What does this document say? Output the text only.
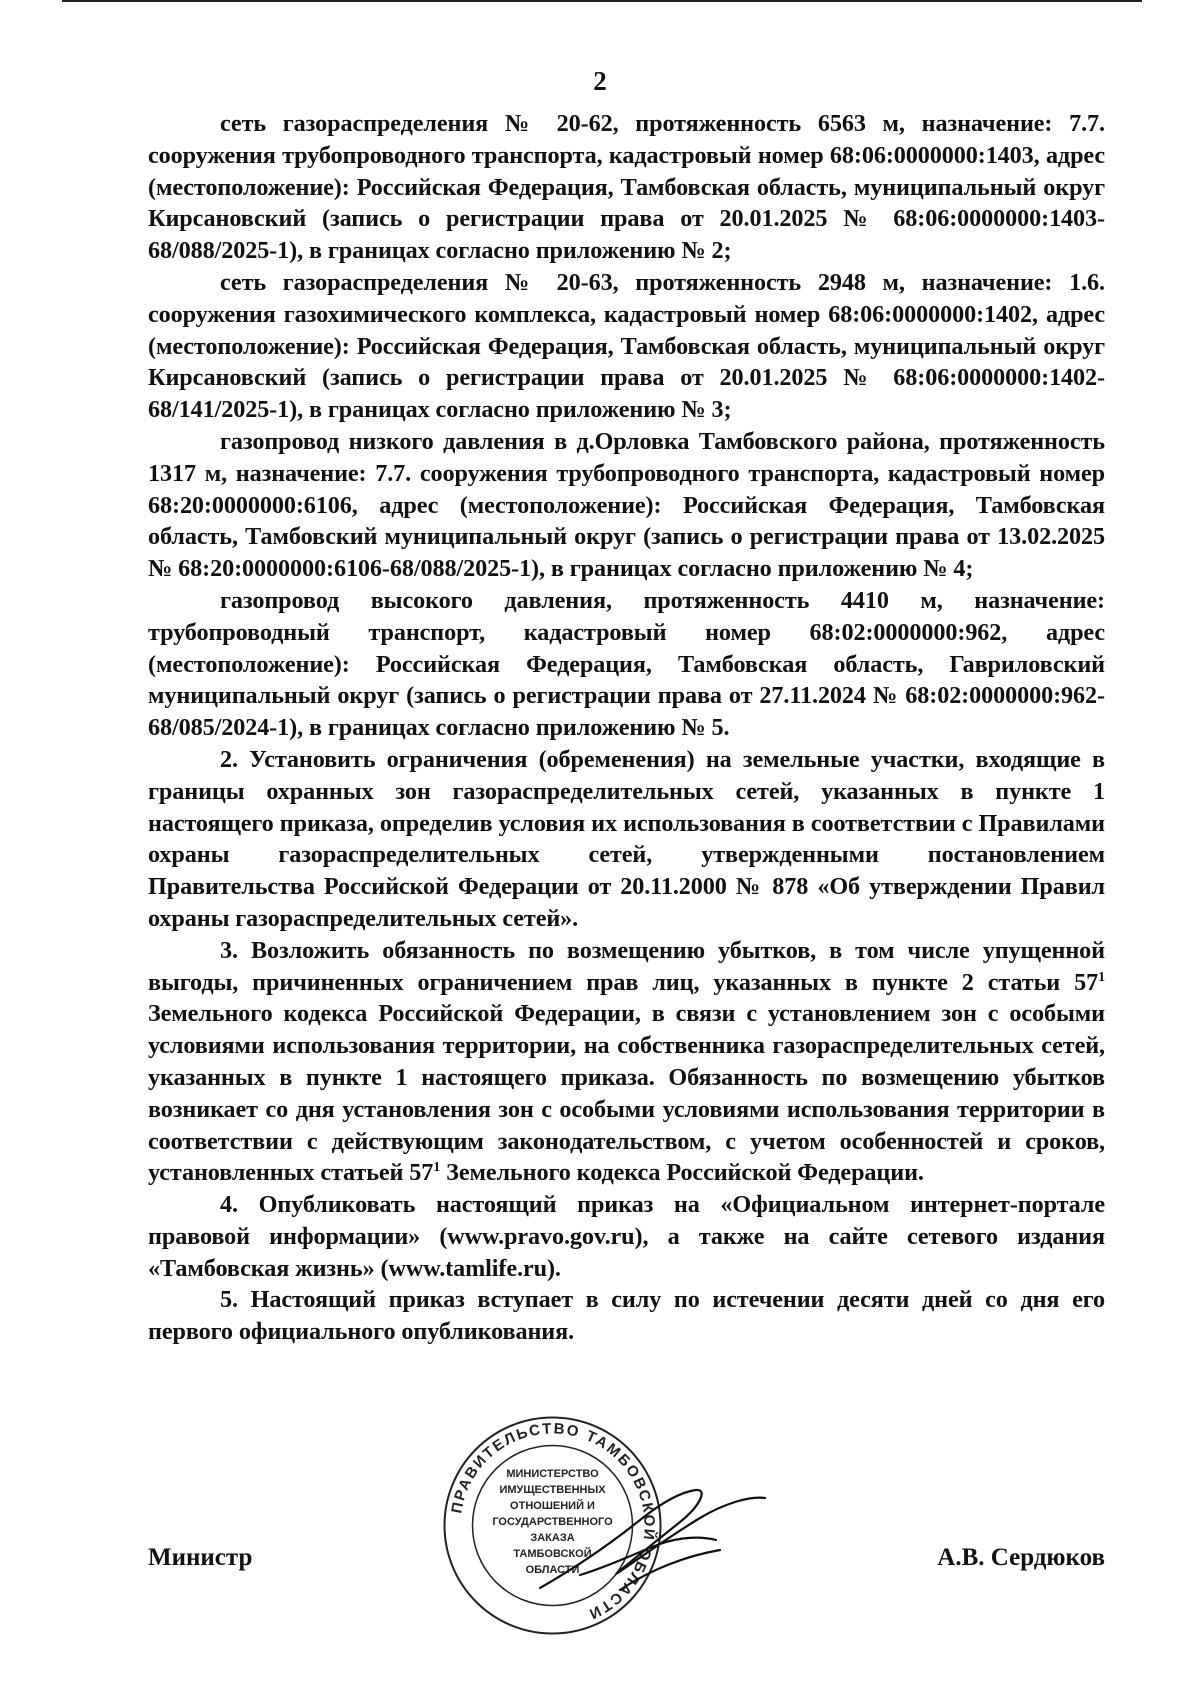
2

сеть газораспределения № 20-62, протяженность 6563 м, назначение: 7.7. сооружения трубопроводного транспорта, кадастровый номер 68:06:0000000:1403, адрес (местоположение): Российская Федерация, Тамбовская область, муниципальный округ Кирсановский (запись о регистрации права от 20.01.2025 № 68:06:0000000:1403-68/088/2025-1), в границах согласно приложению № 2;

сеть газораспределения № 20-63, протяженность 2948 м, назначение: 1.6. сооружения газохимического комплекса, кадастровый номер 68:06:0000000:1402, адрес (местоположение): Российская Федерация, Тамбовская область, муниципальный округ Кирсановский (запись о регистрации права от 20.01.2025 № 68:06:0000000:1402-68/141/2025-1), в границах согласно приложению № 3;

газопровод низкого давления в д.Орловка Тамбовского района, протяженность 1317 м, назначение: 7.7. сооружения трубопроводного транспорта, кадастровый номер 68:20:0000000:6106, адрес (местоположение): Российская Федерация, Тамбовская область, Тамбовский муниципальный округ (запись о регистрации права от 13.02.2025 № 68:20:0000000:6106-68/088/2025-1), в границах согласно приложению № 4;

газопровод высокого давления, протяженность 4410 м, назначение: трубопроводный транспорт, кадастровый номер 68:02:0000000:962, адрес (местоположение): Российская Федерация, Тамбовская область, Гавриловский муниципальный округ (запись о регистрации права от 27.11.2024 № 68:02:0000000:962-68/085/2024-1), в границах согласно приложению № 5.

2. Установить ограничения (обременения) на земельные участки, входящие в границы охранных зон газораспределительных сетей, указанных в пункте 1 настоящего приказа, определив условия их использования в соответствии с Правилами охраны газораспределительных сетей, утвержденными постановлением Правительства Российской Федерации от 20.11.2000 № 878 «Об утверждении Правил охраны газораспределительных сетей».

3. Возложить обязанность по возмещению убытков, в том числе упущенной выгоды, причиненных ограничением прав лиц, указанных в пункте 2 статьи $57^1$ Земельного кодекса Российской Федерации, в связи с установлением зон с особыми условиями использования территории, на собственника газораспределительных сетей, указанных в пункте 1 настоящего приказа. Обязанность по возмещению убытков возникает со дня установления зон с особыми условиями использования территории в соответствии с действующим законодательством, с учетом особенностей и сроков, установленных статьей $57^1$ Земельного кодекса Российской Федерации.

4. Опубликовать настоящий приказ на «Официальном интернет-портале правовой информации» (www.pravo.gov.ru), а также на сайте сетевого издания «Тамбовская жизнь» (www.tamlife.ru).

5. Настоящий приказ вступает в силу по истечении десяти дней со дня его первого официального опубликования.

ПРАВИТЕЛЬСТВО ТАМБОВСКОЙ ОБЛАСТИ
МИНИСТЕРСТВО
ИМУЩЕСТВЕННЫХ
ОТНОШЕНИЙ И
ГОСУДАРСТВЕННОГО
ЗАКАЗА
ТАМБОВСКОЙ
ОБЛАСТИ
Министр	А.В. Сердюков
